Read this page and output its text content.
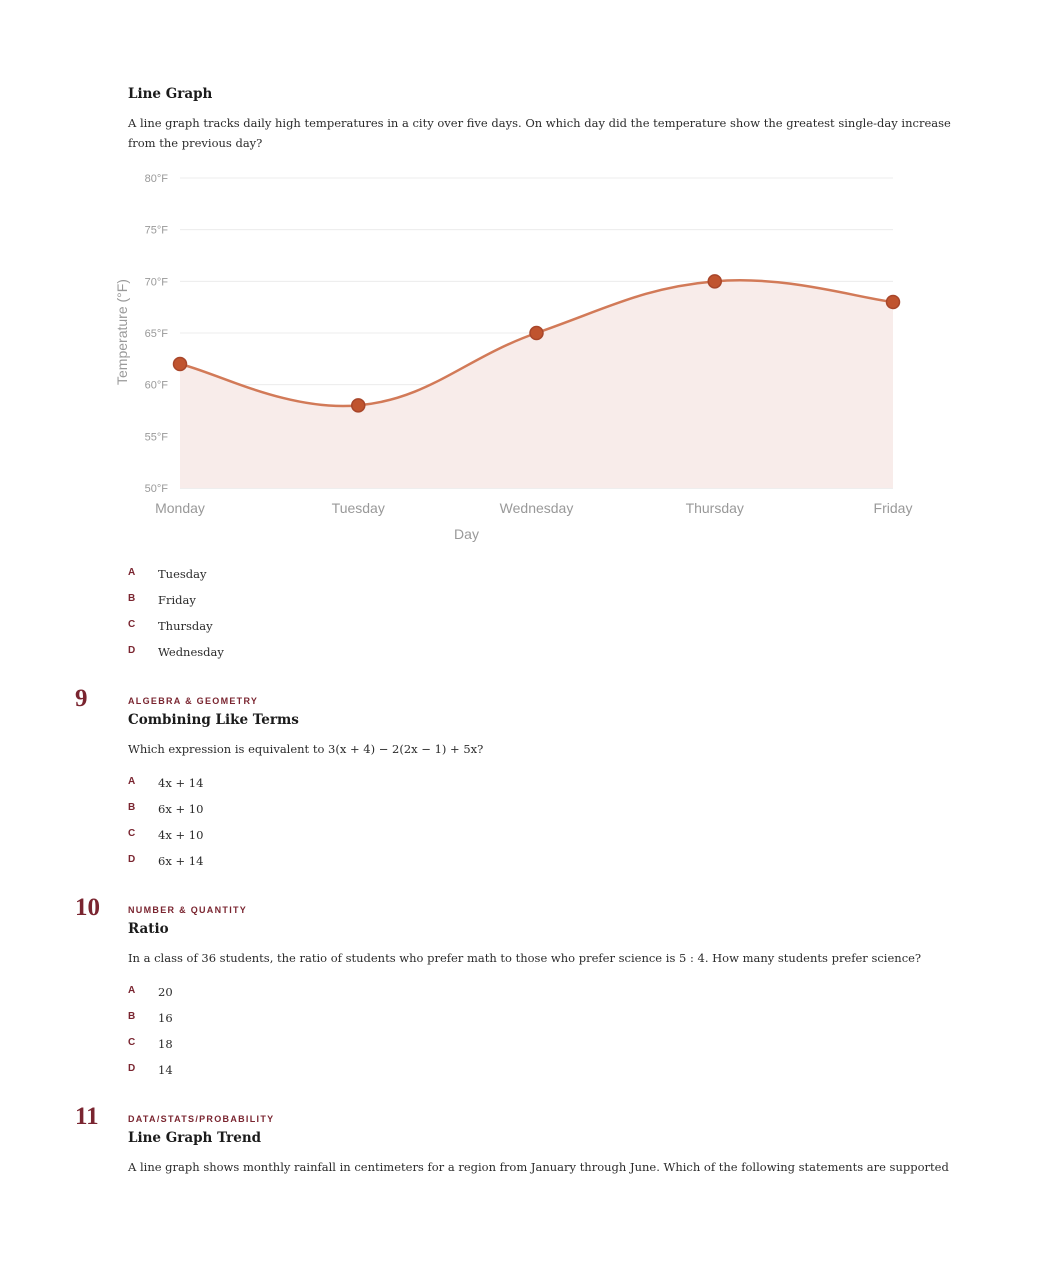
Line Graph
A line graph tracks daily high temperatures in a city over five days. On which day did the temperature show the greatest single-day increase from the previous day?
50°F
55°F
60°F
65°F
70°F
75°F
80°F
Monday	Tuesday	Wednesday	Thursday	Friday
Day
Temperature (°F)
A Tuesday
B Friday
C Thursday
D Wednesday
9	ALGEBRA & GEOMETRY
Combining Like Terms
Which expression is equivalent to 3(x + 4) − 2(2x − 1) + 5x?
A 4x + 14
B 6x + 10
C 4x + 10
D 6x + 14
10	NUMBER & QUANTITY
Ratio
In a class of 36 students, the ratio of students who prefer math to those who prefer science is 5 : 4. How many students prefer science?
A 20
B 16
C 18
D 14
11	DATA/STATS/PROBABILITY
Line Graph Trend
A line graph shows monthly rainfall in centimeters for a region from January through June. Which of the following statements are supported
